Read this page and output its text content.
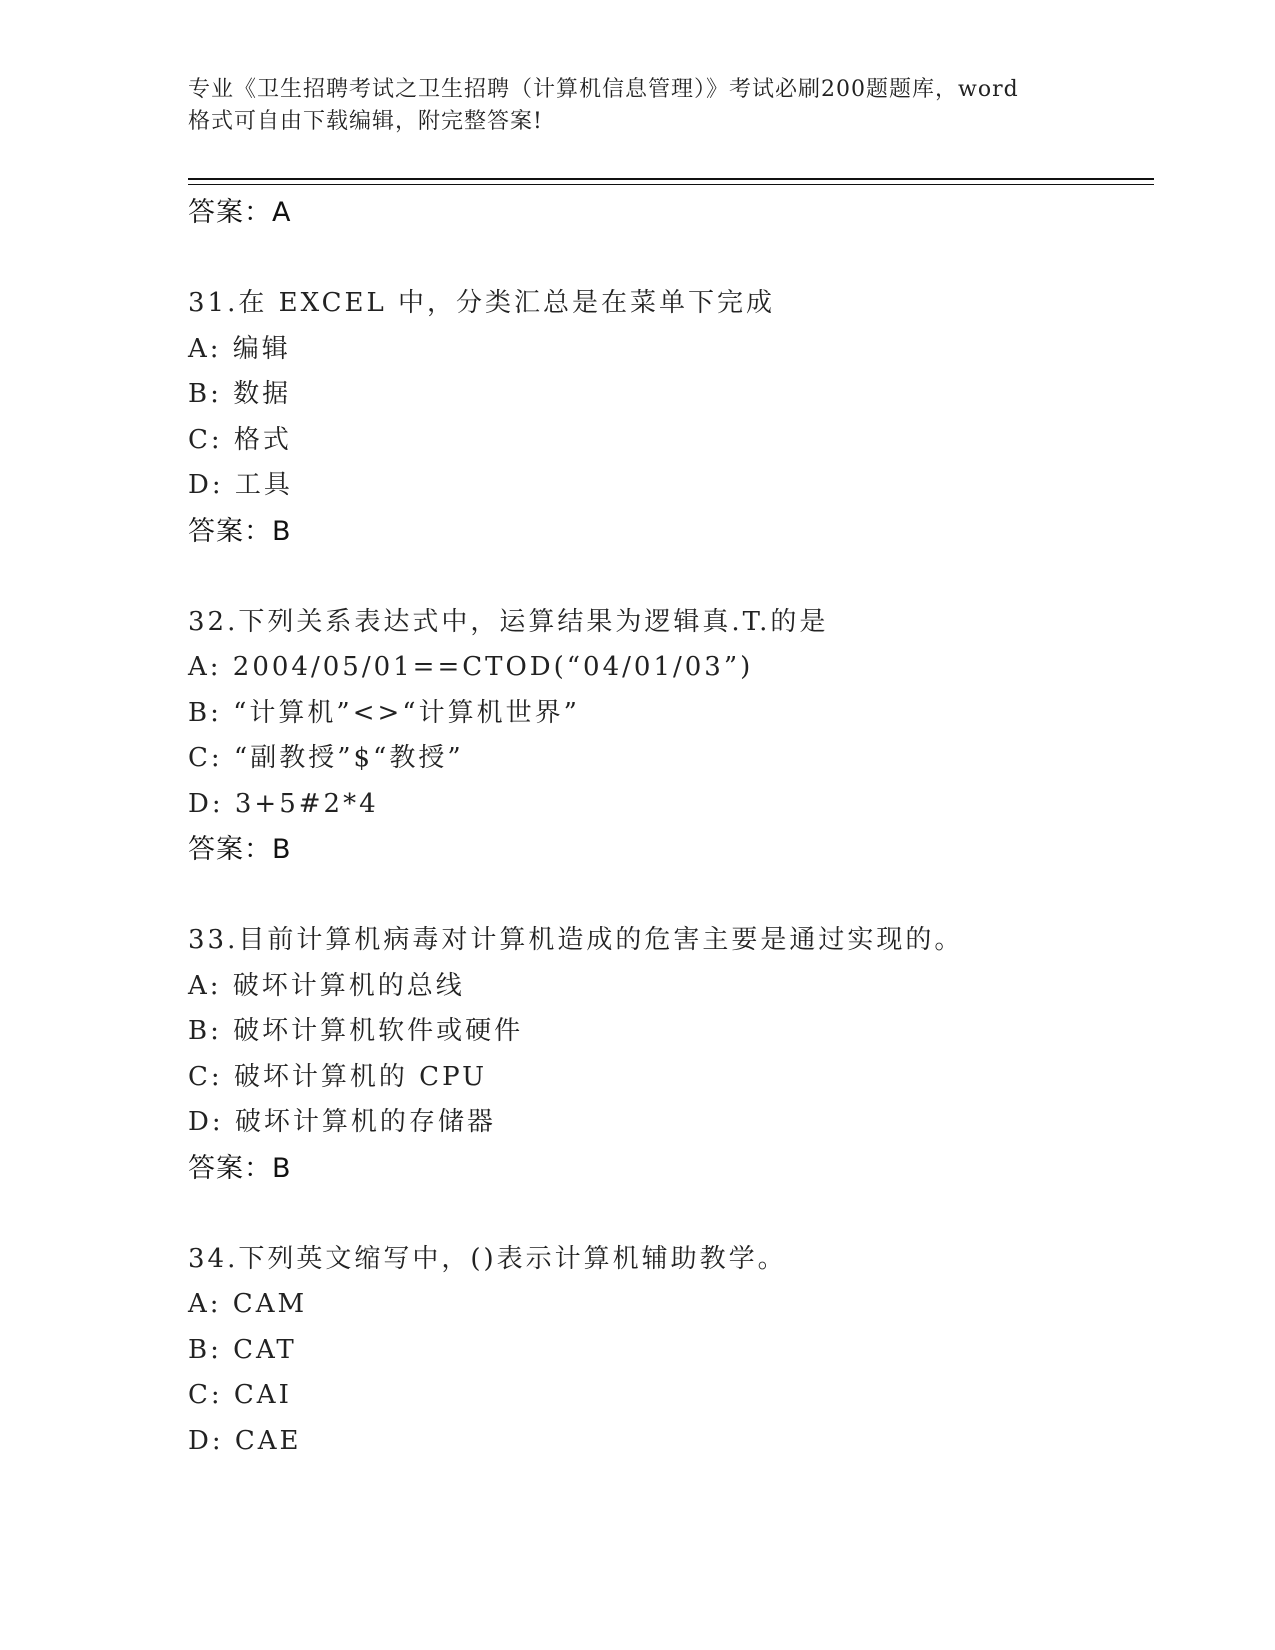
专业《卫生招聘考试之卫生招聘（计算机信息管理）》考试必刷200题题库，word
格式可自由下载编辑，附完整答案!
答案：A
31.在 EXCEL 中，分类汇总是在菜单下完成
A: 编辑
B: 数据
C: 格式
D: 工具
答案：B
32.下列关系表达式中，运算结果为逻辑真.T.的是
A: 2004/05/01==CTOD(“04/01/03”)
B: “计算机”<>“计算机世界”
C: “副教授”$“教授”
D: 3+5#2*4
答案：B
33.目前计算机病毒对计算机造成的危害主要是通过实现的。
A: 破坏计算机的总线
B: 破坏计算机软件或硬件
C: 破坏计算机的 CPU
D: 破坏计算机的存储器
答案：B
34.下列英文缩写中，()表示计算机辅助教学。
A: CAM
B: CAT
C: CAI
D: CAE
